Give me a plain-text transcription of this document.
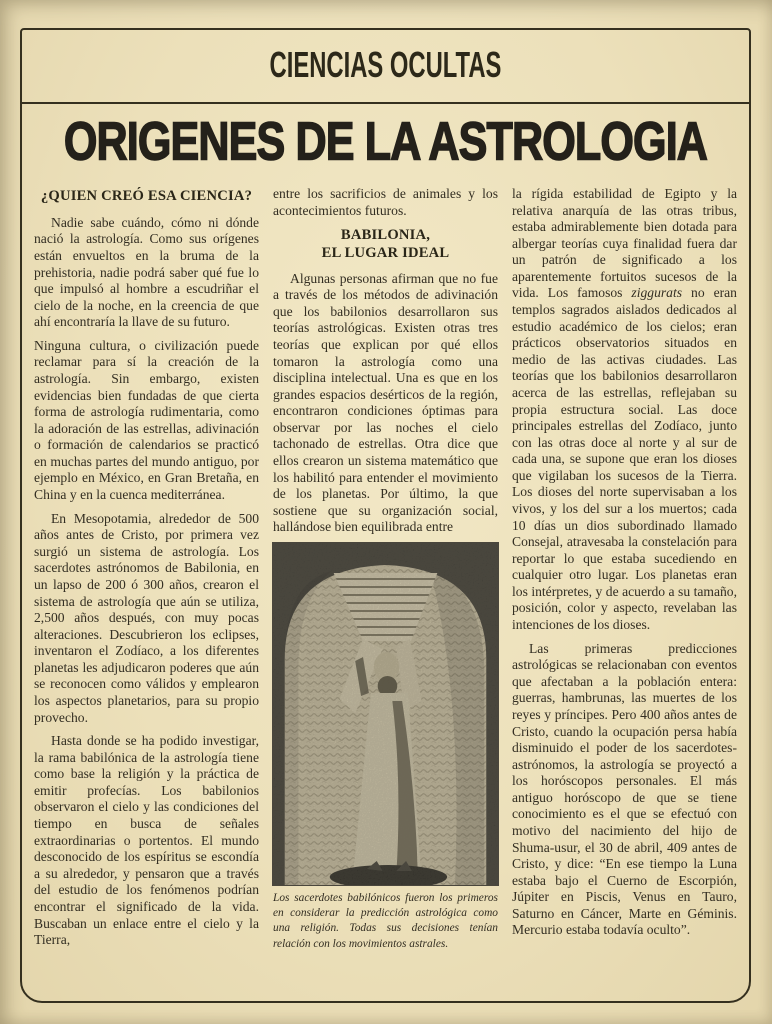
CIENCIAS OCULTAS
ORIGENES DE LA ASTROLOGIA
¿QUIEN CREÓ ESA CIENCIA?

Nadie sabe cuándo, cómo ni dónde nació la astrología. Como sus orígenes están envueltos en la bruma de la prehistoria, nadie podrá saber qué fue lo que impulsó al hombre a escudriñar el cielo de la noche, en la creencia de que ahí encontraría la llave de su futuro.

Ninguna cultura, o civilización puede reclamar para sí la creación de la astrología. Sin embargo, existen evidencias bien fundadas de que cierta forma de astrología rudimentaria, como la adoración de las estrellas, adivinación o formación de calendarios se practicó en muchas partes del mundo antiguo, por ejemplo en México, en Gran Bretaña, en China y en la cuenca mediterránea.

En Mesopotamia, alrededor de 500 años antes de Cristo, por primera vez surgió un sistema de astrología. Los sacerdotes astrónomos de Babilonia, en un lapso de 200 ó 300 años, crearon el sistema de astrología que aún se utiliza, 2,500 años después, con muy pocas alteraciones. Descubrieron los eclipses, inventaron el Zodíaco, a los diferentes planetas les adjudicaron poderes que aún se reconocen como válidos y emplearon los aspectos planetarios, para su propio provecho.

Hasta donde se ha podido investigar, la rama babilónica de la astrología tiene como base la religión y la práctica de emitir profecías. Los babilonios observaron el cielo y las condiciones del tiempo en busca de señales extraordinarias o portentos. El mundo desconocido de los espíritus se escondía a su alrededor, y pensaron que a través del estudio de los fenómenos podrían encontrar el significado de la vida. Buscaban un enlace entre el cielo y la Tierra,

entre los sacrificios de animales y los acontecimientos futuros.

BABILONIA,
EL LUGAR IDEAL

Algunas personas afirman que no fue a través de los métodos de adivinación que los babilonios desarrollaron sus teorías astrológicas. Existen otras tres teorías que explican por qué ellos tomaron la astrología como una disciplina intelectual. Una es que en los grandes espacios desérticos de la región, encontraron condiciones óptimas para observar por las noches el cielo tachonado de estrellas. Otra dice que ellos crearon un sistema matemático que los habilitó para entender el movimiento de los planetas. Por último, la que sostiene que su organización social, hallándose bien equilibrada entre

Los sacerdotes babilónicos fueron los primeros en considerar la predicción astrológica como una religión. Todas sus decisiones tenían relación con los movimientos astrales.

la rígida estabilidad de Egipto y la relativa anarquía de las otras tribus, estaba admirablemente bien dotada para albergar teorías cuya finalidad fuera dar un patrón de significado a los aparentemente fortuitos sucesos de la vida. Los famosos ziggurats no eran templos sagrados aislados dedicados al estudio académico de los cielos; eran prácticos observatorios situados en medio de las activas ciudades. Las teorías que los babilonios desarrollaron acerca de las estrellas, reflejaban su propia estructura social. Las doce principales estrellas del Zodíaco, junto con las otras doce al norte y al sur de cada una, se supone que eran los dioses que vigilaban los sucesos de la Tierra. Los dioses del norte supervisaban a los vivos, y los del sur a los muertos; cada 10 días un dios subordinado llamado Consejal, atravesaba la constelación para reportar lo que estaba sucediendo en cualquier otro lugar. Los planetas eran los intérpretes, y de acuerdo a su tamaño, posición, color y aspecto, revelaban las intenciones de los dioses.

Las primeras predicciones astrológicas se relacionaban con eventos que afectaban a la población entera: guerras, hambrunas, las muertes de los reyes y príncipes. Pero 400 años antes de Cristo, cuando la ocupación persa había disminuido el poder de los sacerdotes-astrónomos, la astrología se proyectó a los horóscopos personales. El más antiguo horóscopo de que se tiene conocimiento es el que se efectuó con motivo del nacimiento del hijo de Shuma-usur, el 30 de abril, 409 antes de Cristo, y dice: “En ese tiempo la Luna estaba bajo el Cuerno de Escorpión, Júpiter en Piscis, Venus en Tauro, Saturno en Cáncer, Marte en Géminis. Mercurio estaba todavía oculto”.
